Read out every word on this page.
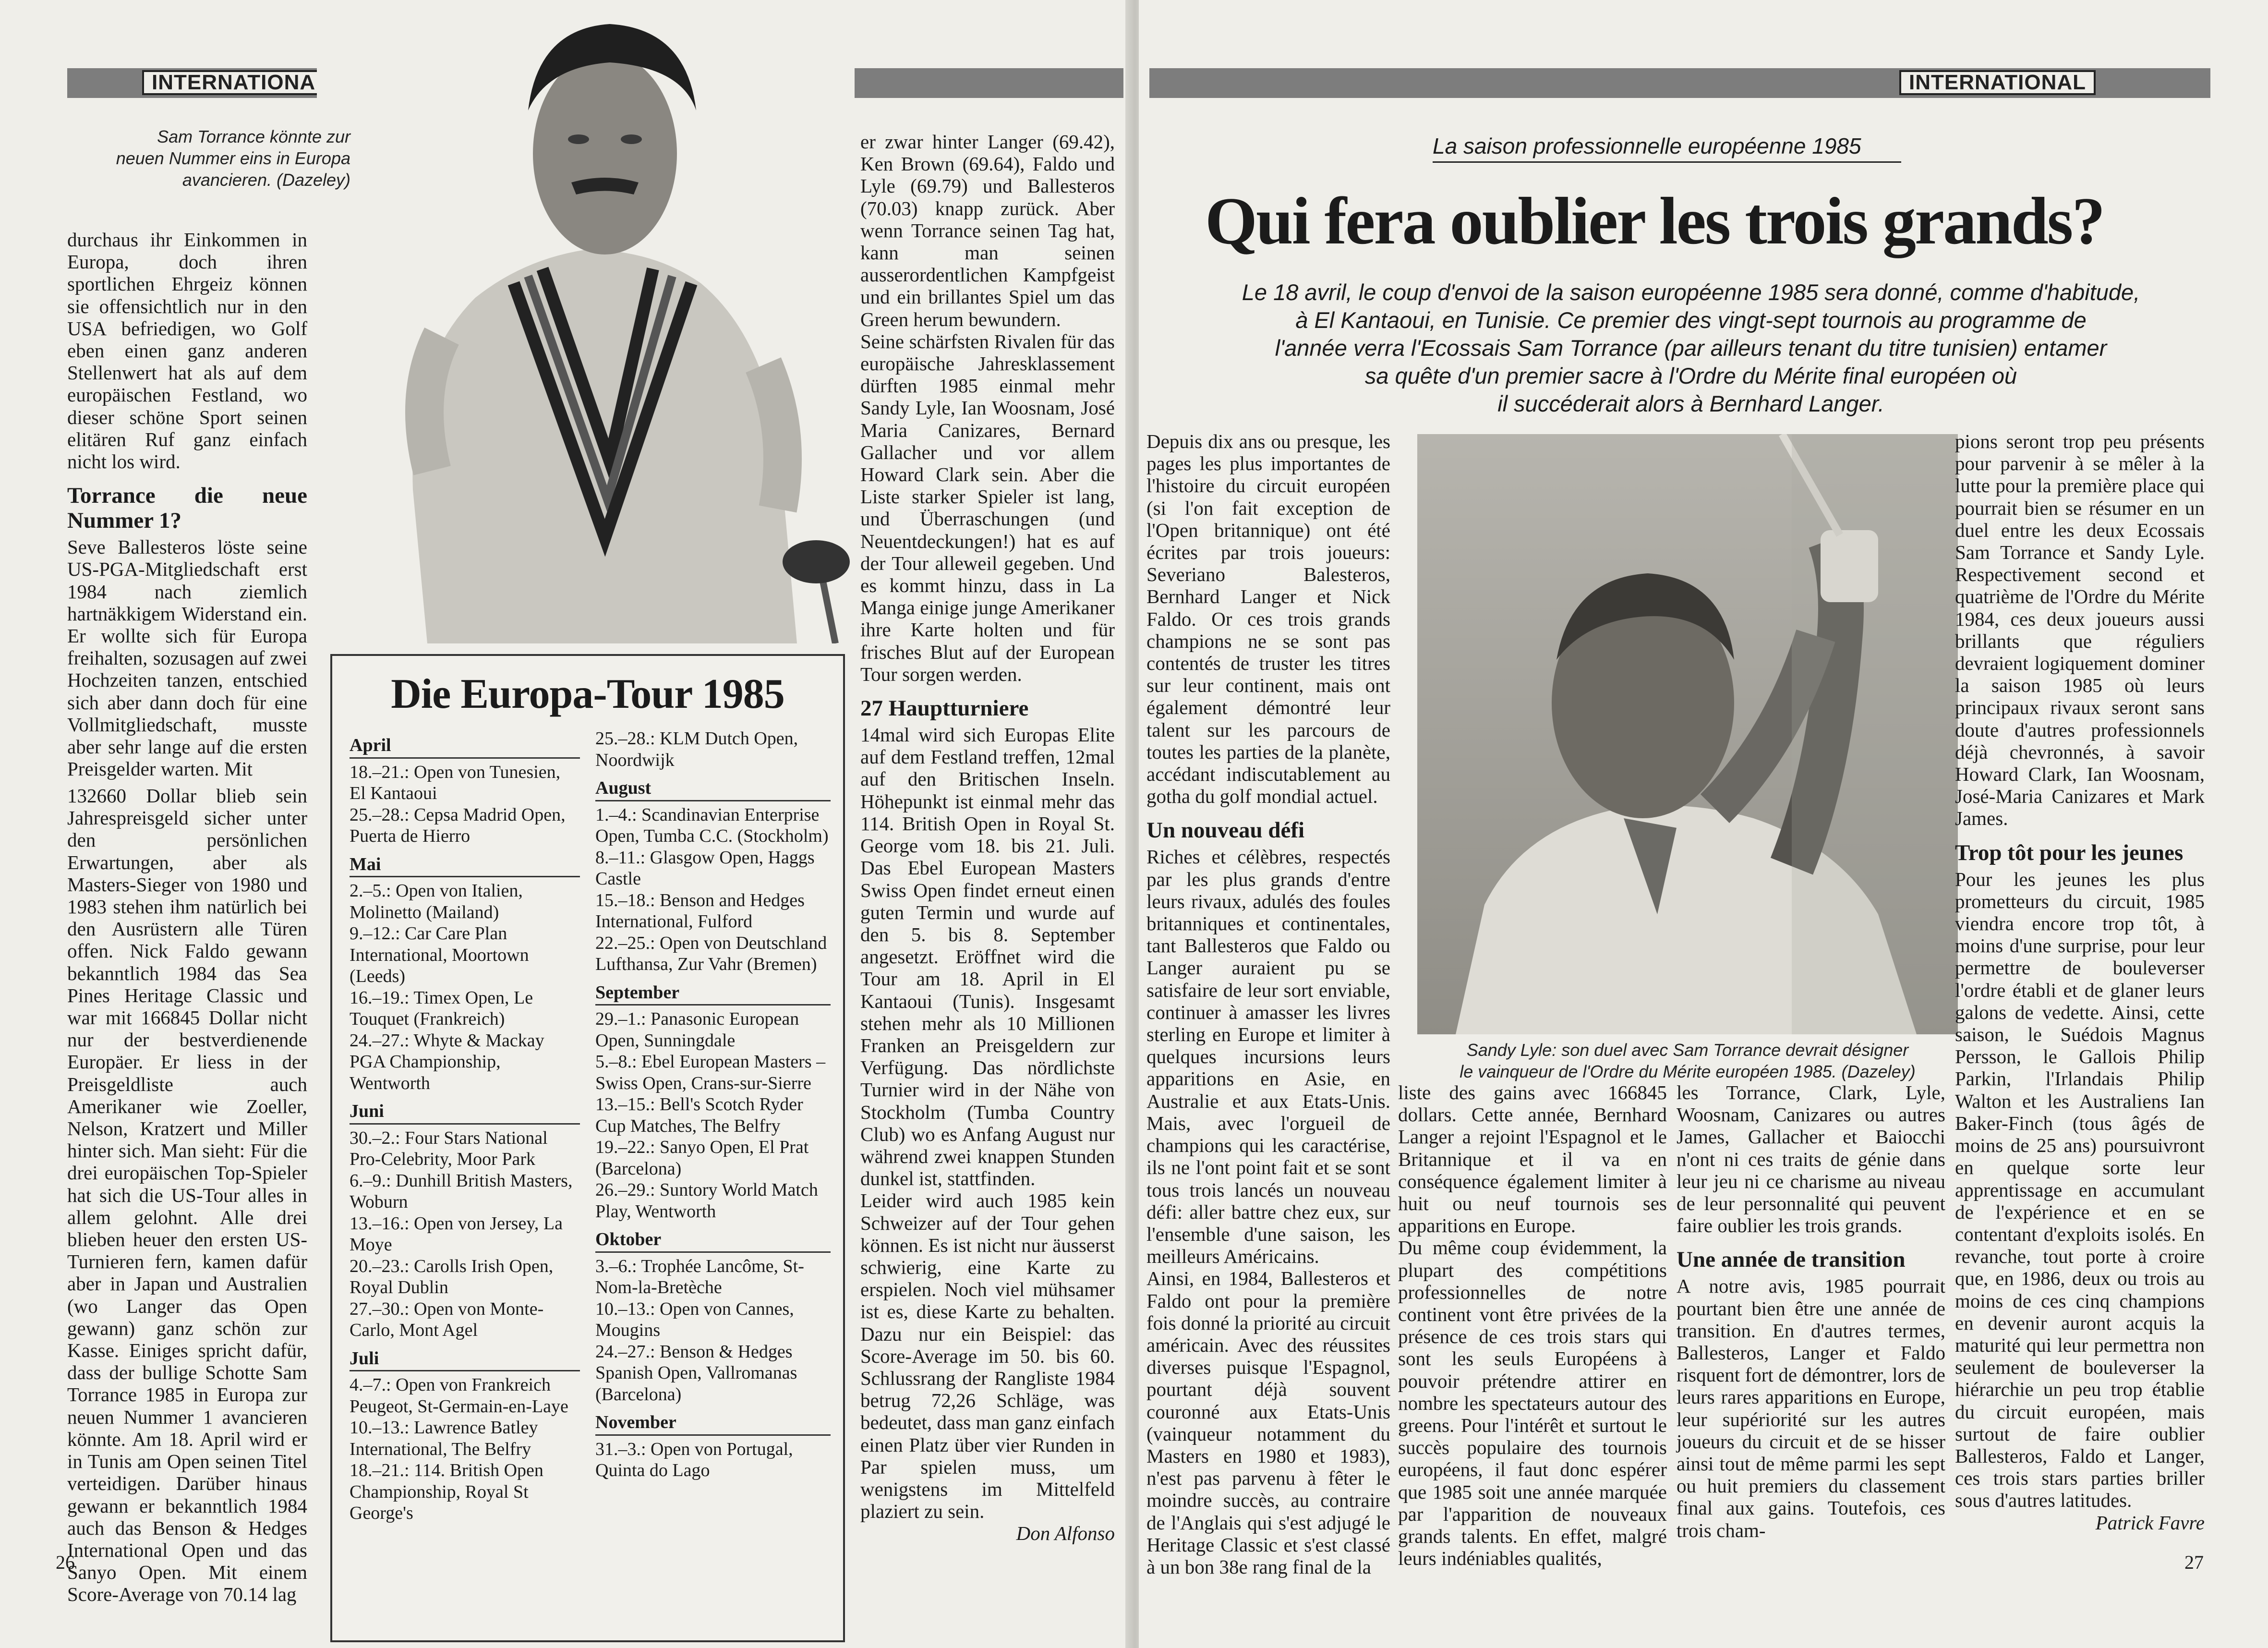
INTERNATIONA
Sam Torrance könnte zur
neuen Nummer eins in Europa
avancieren. (Dazeley)

durchaus ihr Einkommen in Europa, doch ihren sportlichen Ehrgeiz können sie offensichtlich nur in den USA befriedigen, wo Golf eben einen ganz anderen Stellenwert hat als auf dem europäischen Festland, wo dieser schöne Sport seinen elitären Ruf ganz einfach nicht los wird.

Torrance die neue Nummer 1?

Seve Ballesteros löste seine US-PGA-Mitgliedschaft erst 1984 nach ziemlich hartnäkkigem Widerstand ein. Er wollte sich für Europa freihalten, sozusagen auf zwei Hochzeiten tanzen, entschied sich aber dann doch für eine Vollmitgliedschaft, musste aber sehr lange auf die ersten Preisgelder warten. Mit

132660 Dollar blieb sein Jahrespreisgeld sicher unter den persönlichen Erwartungen, aber als Masters-Sieger von 1980 und 1983 stehen ihm natürlich bei den Ausrüstern alle Türen offen. Nick Faldo gewann bekanntlich 1984 das Sea Pines Heritage Classic und war mit 166845 Dollar nicht nur der bestverdienende Europäer. Er liess in der Preisgeldliste auch Amerikaner wie Zoeller, Nelson, Kratzert und Miller hinter sich. Man sieht: Für die drei europäischen Top-Spieler hat sich die US-Tour alles in allem gelohnt. Alle drei blieben heuer den ersten US-Turnieren fern, kamen dafür aber in Japan und Australien (wo Langer das Open gewann) ganz schön zur Kasse. Einiges spricht dafür, dass der bullige Schotte Sam Torrance 1985 in Europa zur neuen Nummer 1 avancieren könnte. Am 18. April wird er in Tunis am Open seinen Titel verteidigen. Darüber hinaus gewann er bekanntlich 1984 auch das Benson & Hedges International Open und das Sanyo Open. Mit einem Score-Average von 70.14 lag

Die Europa-Tour 1985
April

18.–21.: Open von Tunesien, El Kantaoui

25.–28.: Cepsa Madrid Open, Puerta de Hierro

Mai

2.–5.: Open von Italien, Molinetto (Mailand)

9.–12.: Car Care Plan International, Moortown (Leeds)

16.–19.: Timex Open, Le Touquet (Frankreich)

24.–27.: Whyte & Mackay PGA Championship, Wentworth

Juni

30.–2.: Four Stars National Pro-Celebrity, Moor Park

6.–9.: Dunhill British Masters, Woburn

13.–16.: Open von Jersey, La Moye

20.–23.: Carolls Irish Open, Royal Dublin

27.–30.: Open von Monte-Carlo, Mont Agel

Juli

4.–7.: Open von Frankreich Peugeot, St-Germain-en-Laye

10.–13.: Lawrence Batley International, The Belfry

18.–21.: 114. British Open Championship, Royal St George's

25.–28.: KLM Dutch Open, Noordwijk

August

1.–4.: Scandinavian Enterprise Open, Tumba C.C. (Stockholm)

8.–11.: Glasgow Open, Haggs Castle

15.–18.: Benson and Hedges International, Fulford

22.–25.: Open von Deutschland Lufthansa, Zur Vahr (Bremen)

September

29.–1.: Panasonic European Open, Sunningdale

5.–8.: Ebel European Masters – Swiss Open, Crans-sur-Sierre

13.–15.: Bell's Scotch Ryder Cup Matches, The Belfry

19.–22.: Sanyo Open, El Prat (Barcelona)

26.–29.: Suntory World Match Play, Wentworth

Oktober

3.–6.: Trophée Lancôme, St-Nom-la-Bretèche

10.–13.: Open von Cannes, Mougins

24.–27.: Benson & Hedges Spanish Open, Vallromanas (Barcelona)

November

31.–3.: Open von Portugal, Quinta do Lago

er zwar hinter Langer (69.42), Ken Brown (69.64), Faldo und Lyle (69.79) und Ballesteros (70.03) knapp zurück. Aber wenn Torrance seinen Tag hat, kann man seinen ausserordentlichen Kampfgeist und ein brillantes Spiel um das Green herum bewundern.

Seine schärfsten Rivalen für das europäische Jahresklassement dürften 1985 einmal mehr Sandy Lyle, Ian Woosnam, José Maria Canizares, Bernard Gallacher und vor allem Howard Clark sein. Aber die Liste starker Spieler ist lang, und Überraschungen (und Neuentdeckungen!) hat es auf der Tour alleweil gegeben. Und es kommt hinzu, dass in La Manga einige junge Amerikaner ihre Karte holten und für frisches Blut auf der European Tour sorgen werden.

27 Hauptturniere

14mal wird sich Europas Elite auf dem Festland treffen, 12mal auf den Britischen Inseln. Höhepunkt ist einmal mehr das 114. British Open in Royal St. George vom 18. bis 21. Juli. Das Ebel European Masters Swiss Open findet erneut einen guten Termin und wurde auf den 5. bis 8. September angesetzt. Eröffnet wird die Tour am 18. April in El Kantaoui (Tunis). Insgesamt stehen mehr als 10 Millionen Franken an Preisgeldern zur Verfügung. Das nördlichste Turnier wird in der Nähe von Stockholm (Tumba Country Club) wo es Anfang August nur während zwei knappen Stunden dunkel ist, stattfinden.

Leider wird auch 1985 kein Schweizer auf der Tour gehen können. Es ist nicht nur äusserst schwierig, eine Karte zu erspielen. Noch viel mühsamer ist es, diese Karte zu behalten. Dazu nur ein Beispiel: das Score-Average im 50. bis 60. Schlussrang der Rangliste 1984 betrug 72,26 Schläge, was bedeutet, dass man ganz einfach einen Platz über vier Runden in Par spielen muss, um wenigstens im Mittelfeld plaziert zu sein.

Don Alfonso
26
INTERNATIONAL
La saison professionnelle européenne 1985
Qui fera oublier les trois grands?
Le 18 avril, le coup d'envoi de la saison européenne 1985 sera donné, comme d'habitude,
à El Kantaoui, en Tunisie. Ce premier des vingt-sept tournois au programme de
l'année verra l'Ecossais Sam Torrance (par ailleurs tenant du titre tunisien) entamer
sa quête d'un premier sacre à l'Ordre du Mérite final européen où
il succéderait alors à Bernhard Langer.
Sandy Lyle: son duel avec Sam Torrance devrait désigner
le vainqueur de l'Ordre du Mérite européen 1985. (Dazeley)

Depuis dix ans ou presque, les pages les plus importantes de l'histoire du circuit européen (si l'on fait exception de l'Open britannique) ont été écrites par trois joueurs: Severiano Balesteros, Bernhard Langer et Nick Faldo. Or ces trois grands champions ne se sont pas contentés de truster les titres sur leur continent, mais ont également démontré leur talent sur les parcours de toutes les parties de la planète, accédant indiscutablement au gotha du golf mondial actuel.

Un nouveau défi

Riches et célèbres, respectés par les plus grands d'entre leurs rivaux, adulés des foules britanniques et continentales, tant Ballesteros que Faldo ou Langer auraient pu se satisfaire de leur sort enviable, continuer à amasser les livres sterling en Europe et limiter à quelques incursions leurs apparitions en Asie, en Australie et aux Etats-Unis. Mais, avec l'orgueil de champions qui les caractérise, ils ne l'ont point fait et se sont tous trois lancés un nouveau défi: aller battre chez eux, sur l'ensemble d'une saison, les meilleurs Américains.

Ainsi, en 1984, Ballesteros et Faldo ont pour la première fois donné la priorité au circuit américain. Avec des réussites diverses puisque l'Espagnol, pourtant déjà souvent couronné aux Etats-Unis (vainqueur notamment du Masters en 1980 et 1983), n'est pas parvenu à fêter le moindre succès, au contraire de l'Anglais qui s'est adjugé le Heritage Classic et s'est classé à un bon 38e rang final de la

liste des gains avec 166845 dollars. Cette année, Bernhard Langer a rejoint l'Espagnol et le Britannique et il va en conséquence également limiter à huit ou neuf tournois ses apparitions en Europe.

Du même coup évidemment, la plupart des compétitions professionnelles de notre continent vont être privées de la présence de ces trois stars qui sont les seuls Européens à pouvoir prétendre attirer en nombre les spectateurs autour des greens. Pour l'intérêt et surtout le succès populaire des tournois européens, il faut donc espérer que 1985 soit une année marquée par l'apparition de nouveaux grands talents. En effet, malgré leurs indéniables qualités,

les Torrance, Clark, Lyle, Woosnam, Canizares ou autres James, Gallacher et Baiocchi n'ont ni ces traits de génie dans leur jeu ni ce charisme au niveau de leur personnalité qui peuvent faire oublier les trois grands.

Une année de transition

A notre avis, 1985 pourrait pourtant bien être une année de transition. En d'autres termes, Ballesteros, Langer et Faldo risquent fort de démontrer, lors de leurs rares apparitions en Europe, leur supériorité sur les autres joueurs du circuit et de se hisser ainsi tout de même parmi les sept ou huit premiers du classement final aux gains. Toutefois, ces trois cham-

pions seront trop peu présents pour parvenir à se mêler à la lutte pour la première place qui pourrait bien se résumer en un duel entre les deux Ecossais Sam Torrance et Sandy Lyle. Respectivement second et quatrième de l'Ordre du Mérite 1984, ces deux joueurs aussi brillants que réguliers devraient logiquement dominer la saison 1985 où leurs principaux rivaux seront sans doute d'autres professionnels déjà chevronnés, à savoir Howard Clark, Ian Woosnam, José-Maria Canizares et Mark James.

Trop tôt pour les jeunes

Pour les jeunes les plus prometteurs du circuit, 1985 viendra encore trop tôt, à moins d'une surprise, pour leur permettre de bouleverser l'ordre établi et de glaner leurs galons de vedette. Ainsi, cette saison, le Suédois Magnus Persson, le Gallois Philip Parkin, l'Irlandais Philip Walton et les Australiens Ian Baker-Finch (tous âgés de moins de 25 ans) poursuivront en quelque sorte leur apprentissage en accumulant de l'expérience et en se contentant d'exploits isolés. En revanche, tout porte à croire que, en 1986, deux ou trois au moins de ces cinq champions en devenir auront acquis la maturité qui leur permettra non seulement de bouleverser la hiérarchie un peu trop établie du circuit européen, mais surtout de faire oublier Ballesteros, Faldo et Langer, ces trois stars parties briller sous d'autres latitudes.

Patrick Favre
27
